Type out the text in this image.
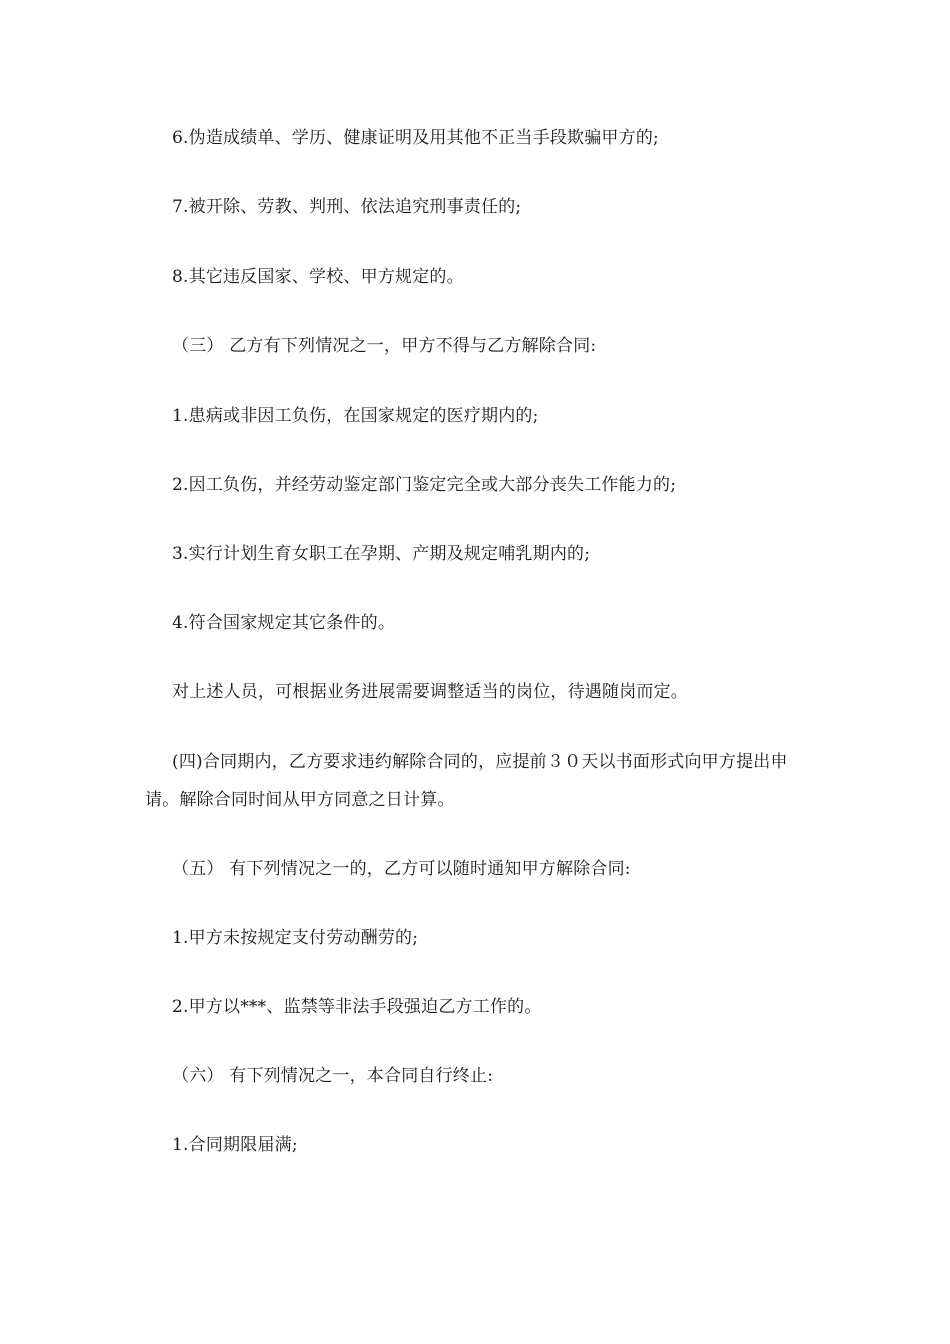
6.伪造成绩单、学历、健康证明及用其他不正当手段欺骗甲方的;

7.被开除、劳教、判刑、依法追究刑事责任的;

8.其它违反国家、学校、甲方规定的。

（三） 乙方有下列情况之一，甲方不得与乙方解除合同:

1.患病或非因工负伤，在国家规定的医疗期内的;

2.因工负伤，并经劳动鉴定部门鉴定完全或大部分丧失工作能力的;

3.实行计划生育女职工在孕期、产期及规定哺乳期内的;

4.符合国家规定其它条件的。

对上述人员，可根据业务进展需要调整适当的岗位，待遇随岗而定。

(四)合同期内，乙方要求违约解除合同的，应提前３０天以书面形式向甲方提出申请。解除合同时间从甲方同意之日计算。

（五） 有下列情况之一的，乙方可以随时通知甲方解除合同:

1.甲方未按规定支付劳动酬劳的;

2.甲方以***、监禁等非法手段强迫乙方工作的。

（六） 有下列情况之一，本合同自行终止:

1.合同期限届满;
